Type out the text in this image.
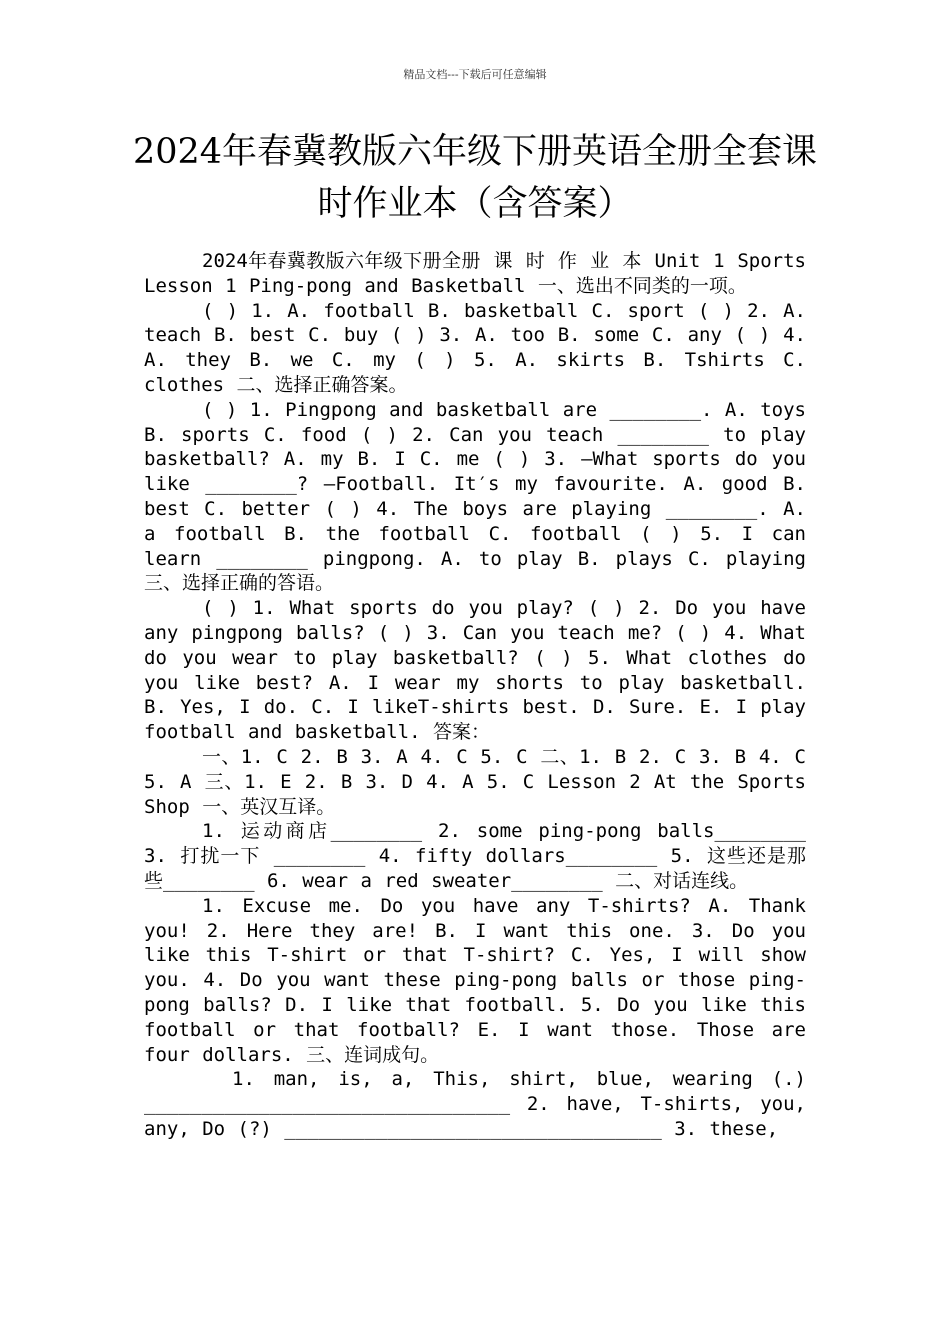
精品文档---下载后可任意编辑
2024年春冀教版六年级下册英语全册全套课时作业本（含答案）

2024年春冀教版六年级下册全册 课 时 作 业 本 Unit 1 Sports Lesson 1 Ping-pong and Basketball 一、选出不同类的一项。

( ) 1. A. football B. basketball C. sport ( ) 2. A. teach B. best C. buy ( ) 3. A. too B. some C. any ( ) 4. A. they B. we C. my ( ) 5. A. skirts B. Tshirts C. clothes 二、选择正确答案。

( ) 1. Pingpong and basketball are ________. A. toys B. sports C. food ( ) 2. Can you teach ________ to play basketball? A. my B. I C. me ( ) 3. —What sports do you like ________? —Football. It′s my favourite. A. good B. best C. better ( ) 4. The boys are playing ________. A. a football B. the football C. football ( ) 5. I can learn ________ pingpong. A. to play B. plays C. playing 三、选择正确的答语。

( ) 1. What sports do you play? ( ) 2. Do you have any pingpong balls? ( ) 3. Can you teach me? ( ) 4. What do you wear to play basketball? ( ) 5. What clothes do you like best? A. I wear my shorts to play basketball. B. Yes, I do. C. I likeT-shirts best. D. Sure. E. I play football and basketball. 答案：

一、1. C 2. B 3. A 4. C 5. C 二、1. B 2. C 3. B 4. C 5. A 三、1. E 2. B 3. D 4. A 5. C Lesson 2 At the Sports Shop 一、英汉互译。

1. 运动商店________ 2. some ping-pong balls________ 3. 打扰一下 ________ 4. fifty dollars________ 5. 这些还是那些________ 6. wear a red sweater________ 二、对话连线。

1. Excuse me. Do you have any T-shirts? A. Thank you! 2. Here they are! B. I want this one. 3. Do you like this T-shirt or that T-shirt? C. Yes, I will show you. 4. Do you want these ping-pong balls or those ping-pong balls? D. I like that football. 5. Do you like this football or that football? E. I want those. Those are four dollars. 三、连词成句。

1. man, is, a, This, shirt, blue, wearing (.) ________________________________ 2. have, T-shirts, you, any, Do (?) _________________________________ 3. these,
